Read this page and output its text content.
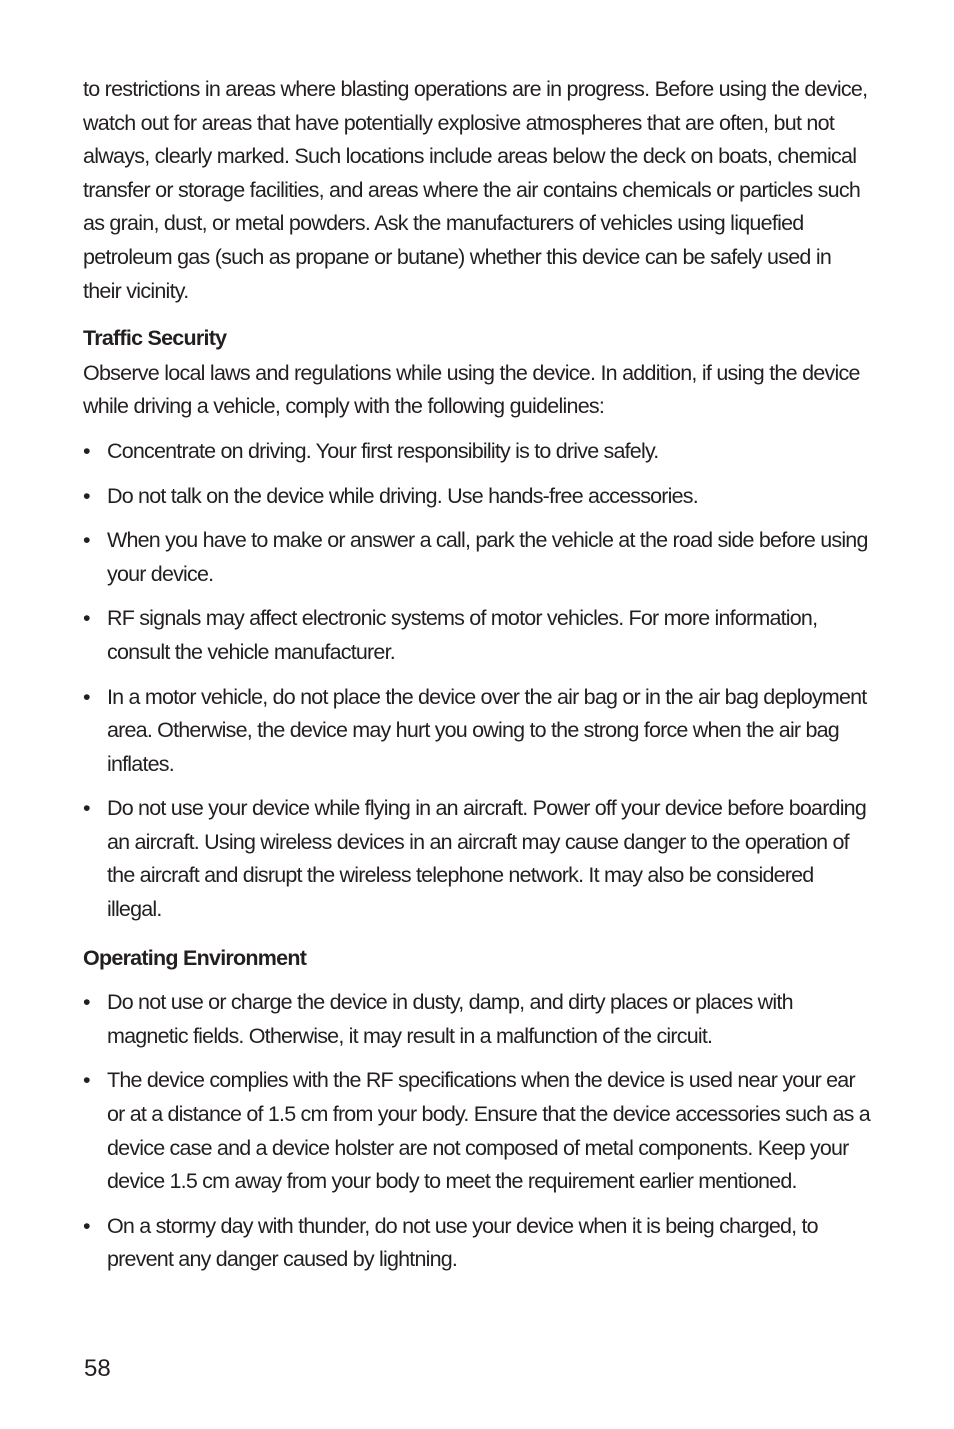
to restrictions in areas where blasting operations are in progress. Before using the device, watch out for areas that have potentially explosive atmospheres that are often, but not always, clearly marked. Such locations include areas below the deck on boats, chemical transfer or storage facilities, and areas where the air contains chemicals or particles such as grain, dust, or metal powders. Ask the manufacturers of vehicles using liquefied petroleum gas (such as propane or butane) whether this device can be safely used in their vicinity.

Traffic Security

Observe local laws and regulations while using the device. In addition, if using the device while driving a vehicle, comply with the following guidelines:

• Concentrate on driving. Your first responsibility is to drive safely.
• Do not talk on the device while driving. Use hands-free accessories.
• When you have to make or answer a call, park the vehicle at the road side before using your device.
• RF signals may affect electronic systems of motor vehicles. For more information, consult the vehicle manufacturer.
• In a motor vehicle, do not place the device over the air bag or in the air bag deployment area. Otherwise, the device may hurt you owing to the strong force when the air bag inflates.
• Do not use your device while flying in an aircraft. Power off your device before boarding an aircraft. Using wireless devices in an aircraft may cause danger to the operation of the aircraft and disrupt the wireless telephone network. It may also be considered illegal.
Operating Environment
• Do not use or charge the device in dusty, damp, and dirty places or places with magnetic fields. Otherwise, it may result in a malfunction of the circuit.
• The device complies with the RF specifications when the device is used near your ear or at a distance of 1.5 cm from your body. Ensure that the device accessories such as a device case and a device holster are not composed of metal components. Keep your device 1.5 cm away from your body to meet the requirement earlier mentioned.
• On a stormy day with thunder, do not use your device when it is being charged, to prevent any danger caused by lightning.
58
